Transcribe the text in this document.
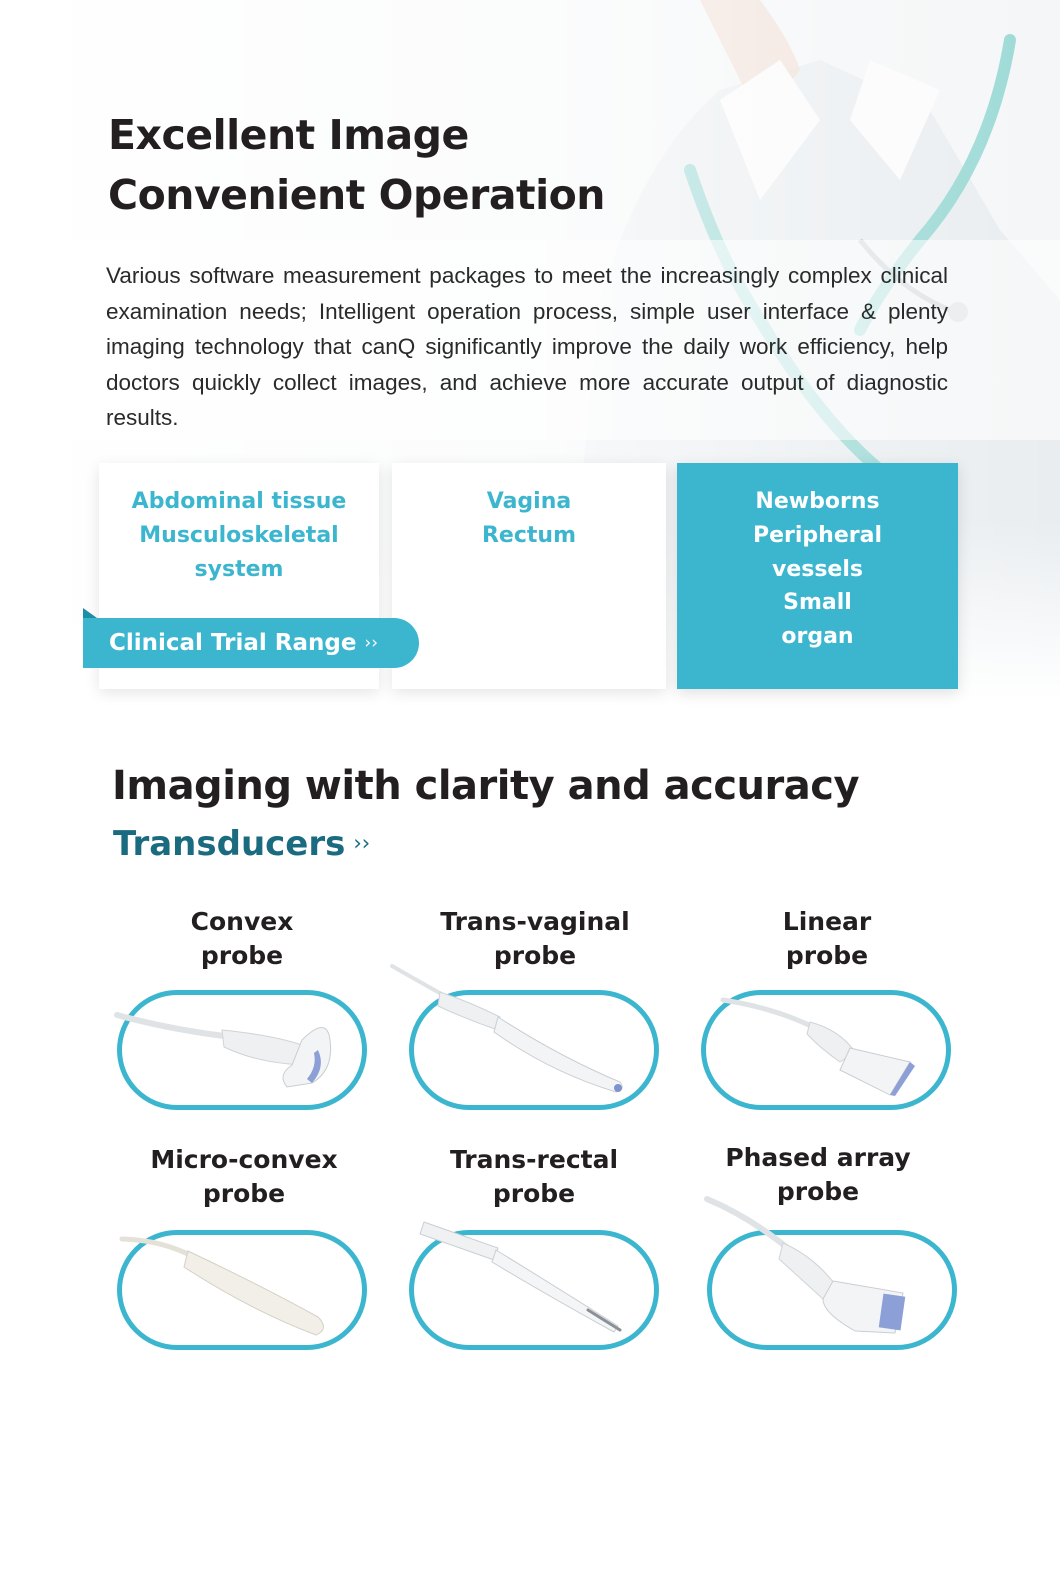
Excellent Image
Convenient Operation

Various software measurement packages to meet the increasingly complex clinical examination needs; Intelligent operation process, simple user interface & plenty imaging technology that canQ significantly improve the daily work efficiency, help doctors quickly collect images, and achieve more accurate output of diagnostic results.

Abdominal tissue
Musculoskeletal
system
Vagina
Rectum
Newborns
Peripheral
vessels
Small
organ
Clinical Trial Range ››
Imaging with clarity and accuracy
Transducers ››
Convex
probe
Trans-vaginal
probe
Linear
probe
Micro-convex
probe
Trans-rectal
probe
Phased array
probe
